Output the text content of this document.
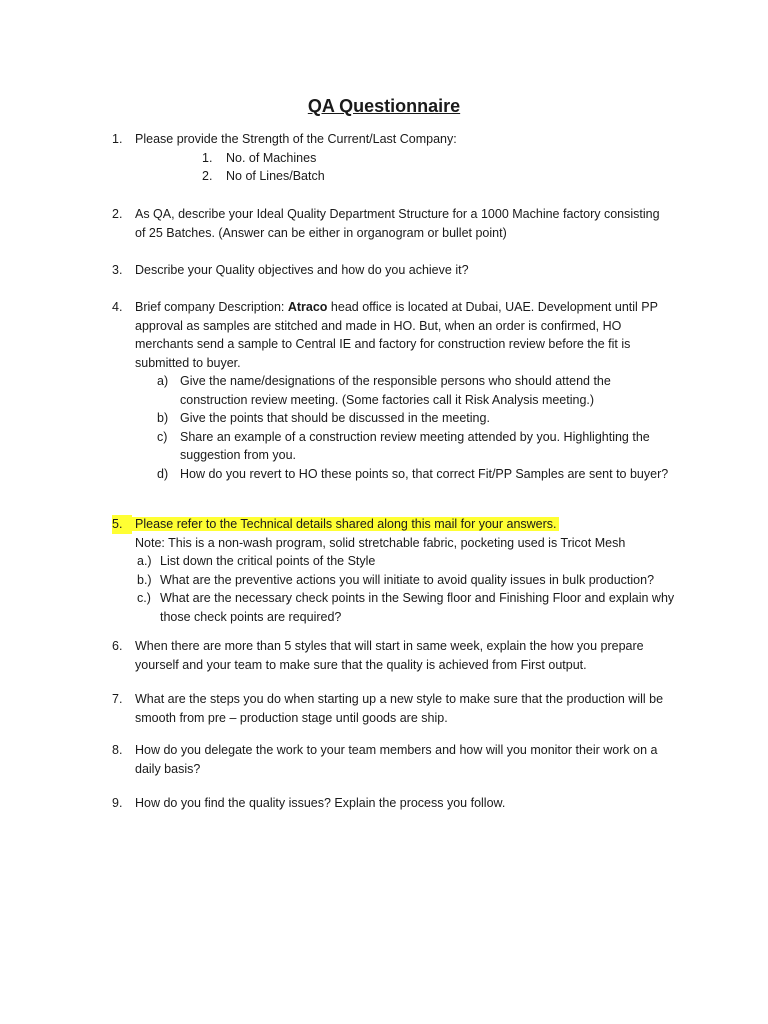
QA Questionnaire
1.	Please provide the Strength of the Current/Last Company:
1. No. of Machines
2. No of Lines/Batch
2.	As QA, describe your Ideal Quality Department Structure for a 1000 Machine factory consisting
of 25 Batches. (Answer can be either in organogram or bullet point)
3.	Describe your Quality objectives and how do you achieve it?
4.	Brief company Description: Atraco head office is located at Dubai, UAE. Development until PP
approval as samples are stitched and made in HO. But, when an order is confirmed, HO
merchants send a sample to Central IE and factory for construction review before the fit is
submitted to buyer.
a) Give the name/designations of the responsible persons who should attend the
construction review meeting. (Some factories call it Risk Analysis meeting.)
b) Give the points that should be discussed in the meeting.
c) Share an example of a construction review meeting attended by you. Highlighting the
suggestion from you.
d) How do you revert to HO these points so, that correct Fit/PP Samples are sent to buyer?
5.	Please refer to the Technical details shared along this mail for your answers.
Note: This is a non-wash program, solid stretchable fabric, pocketing used is Tricot Mesh
a.) List down the critical points of the Style
b.) What are the preventive actions you will initiate to avoid quality issues in bulk production?
c.) What are the necessary check points in the Sewing floor and Finishing Floor and explain why
those check points are required?
6.	When there are more than 5 styles that will start in same week, explain the how you prepare
yourself and your team to make sure that the quality is achieved from First output.
7.	What are the steps you do when starting up a new style to make sure that the production will be
smooth from pre – production stage until goods are ship.
8.	How do you delegate the work to your team members and how will you monitor their work on a
daily basis?
9.	How do you find the quality issues? Explain the process you follow.
